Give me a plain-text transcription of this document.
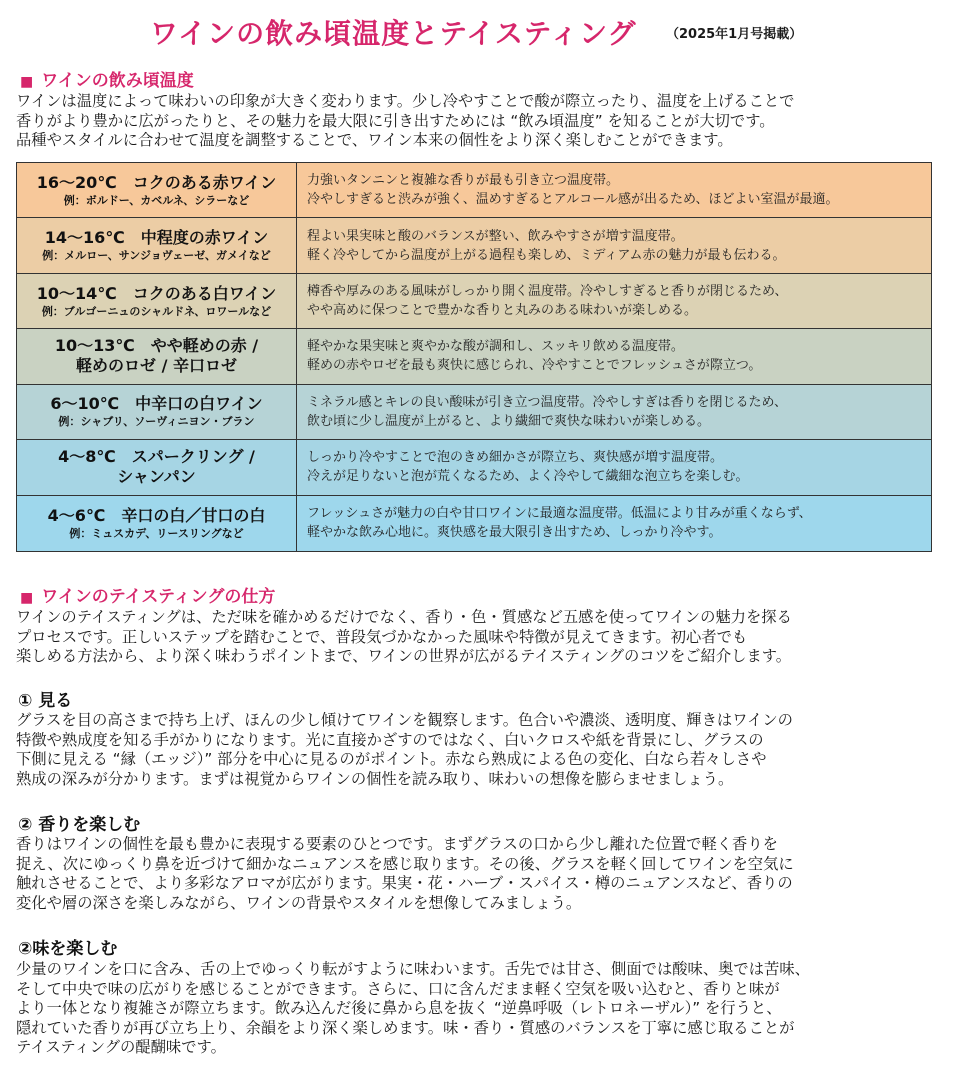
ワインの飲み頃温度とテイスティング （2025年1月号掲載）
■ ワインの飲み頃温度
ワインは温度によって味わいの印象が大きく変わります。少し冷やすことで酸が際立ったり、温度を上げることで
香りがより豊かに広がったりと、その魅力を最大限に引き出すためには “飲み頃温度” を知ることが大切です。
品種やスタイルに合わせて温度を調整することで、ワイン本来の個性をより深く楽しむことができます。
16～20℃　コクのある赤ワイン
例：ボルドー、カベルネ、シラーなど
力強いタンニンと複雑な香りが最も引き立つ温度帯。
冷やしすぎると渋みが強く、温めすぎるとアルコール感が出るため、ほどよい室温が最適。
14～16℃　中程度の赤ワイン
例：メルロー、サンジョヴェーゼ、ガメイなど
程よい果実味と酸のバランスが整い、飲みやすさが増す温度帯。
軽く冷やしてから温度が上がる過程も楽しめ、ミディアム赤の魅力が最も伝わる。
10～14℃　コクのある白ワイン
例：ブルゴーニュのシャルドネ、ロワールなど
樽香や厚みのある風味がしっかり開く温度帯。冷やしすぎると香りが閉じるため、
やや高めに保つことで豊かな香りと丸みのある味わいが楽しめる。
10～13℃　やや軽めの赤 /
軽めのロゼ / 辛口ロゼ
軽やかな果実味と爽やかな酸が調和し、スッキリ飲める温度帯。
軽めの赤やロゼを最も爽快に感じられ、冷やすことでフレッシュさが際立つ。
6～10℃　中辛口の白ワイン
例：シャブリ、ソーヴィニヨン・ブラン
ミネラル感とキレの良い酸味が引き立つ温度帯。冷やしすぎは香りを閉じるため、
飲む頃に少し温度が上がると、より繊細で爽快な味わいが楽しめる。
4～8℃　スパークリング /
シャンパン
しっかり冷やすことで泡のきめ細かさが際立ち、爽快感が増す温度帯。
冷えが足りないと泡が荒くなるため、よく冷やして繊細な泡立ちを楽しむ。
4～6℃　辛口の白／甘口の白
例：ミュスカデ、リースリングなど
フレッシュさが魅力の白や甘口ワインに最適な温度帯。低温により甘みが重くならず、
軽やかな飲み心地に。爽快感を最大限引き出すため、しっかり冷やす。
■ ワインのテイスティングの仕方
ワインのテイスティングは、ただ味を確かめるだけでなく、香り・色・質感など五感を使ってワインの魅力を探る
プロセスです。正しいステップを踏むことで、普段気づかなかった風味や特徴が見えてきます。初心者でも
楽しめる方法から、より深く味わうポイントまで、ワインの世界が広がるテイスティングのコツをご紹介します。
① 見る
グラスを目の高さまで持ち上げ、ほんの少し傾けてワインを観察します。色合いや濃淡、透明度、輝きはワインの
特徴や熟成度を知る手がかりになります。光に直接かざすのではなく、白いクロスや紙を背景にし、グラスの
下側に見える “縁（エッジ）” 部分を中心に見るのがポイント。赤なら熟成による色の変化、白なら若々しさや
熟成の深みが分かります。まずは視覚からワインの個性を読み取り、味わいの想像を膨らませましょう。
② 香りを楽しむ
香りはワインの個性を最も豊かに表現する要素のひとつです。まずグラスの口から少し離れた位置で軽く香りを
捉え、次にゆっくり鼻を近づけて細かなニュアンスを感じ取ります。その後、グラスを軽く回してワインを空気に
触れさせることで、より多彩なアロマが広がります。果実・花・ハーブ・スパイス・樽のニュアンスなど、香りの
変化や層の深さを楽しみながら、ワインの背景やスタイルを想像してみましょう。
②味を楽しむ
少量のワインを口に含み、舌の上でゆっくり転がすように味わいます。舌先では甘さ、側面では酸味、奥では苦味、
そして中央で味の広がりを感じることができます。さらに、口に含んだまま軽く空気を吸い込むと、香りと味が
より一体となり複雑さが際立ちます。飲み込んだ後に鼻から息を抜く “逆鼻呼吸（レトロネーザル）” を行うと、
隠れていた香りが再び立ち上り、余韻をより深く楽しめます。味・香り・質感のバランスを丁寧に感じ取ることが
テイスティングの醍醐味です。
